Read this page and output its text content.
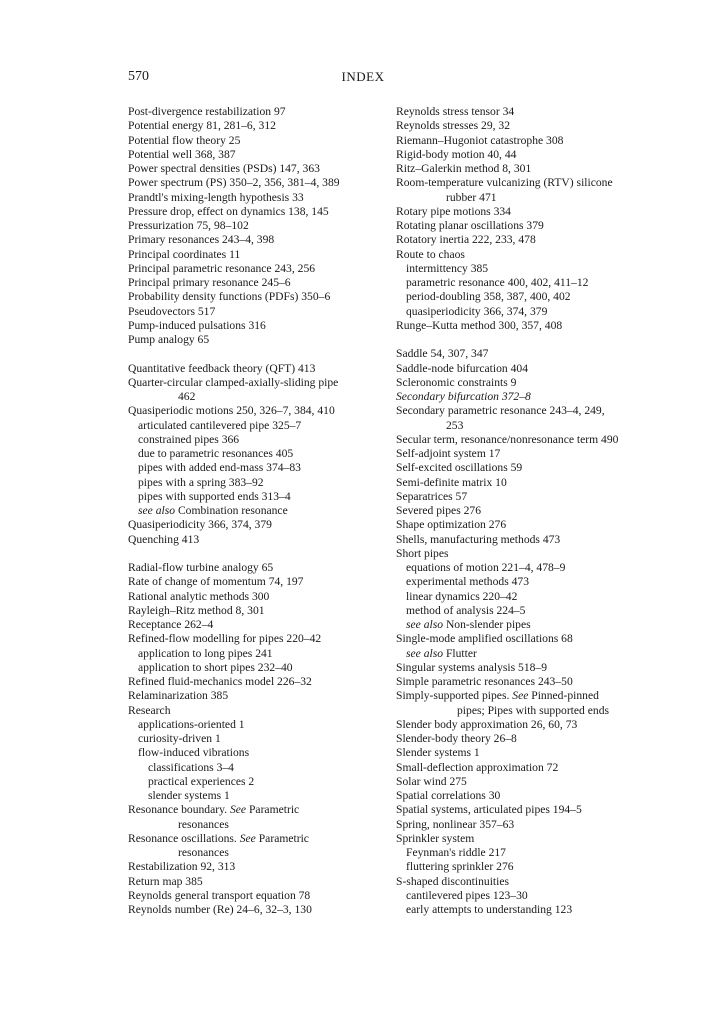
570	INDEX
Post-divergence restabilization 97
Potential energy 81, 281–6, 312
Potential flow theory 25
Potential well 368, 387
Power spectral densities (PSDs) 147, 363
Power spectrum (PS) 350–2, 356, 381–4, 389
Prandtl's mixing-length hypothesis 33
Pressure drop, effect on dynamics 138, 145
Pressurization 75, 98–102
Primary resonances 243–4, 398
Principal coordinates 11
Principal parametric resonance 243, 256
Principal primary resonance 245–6
Probability density functions (PDFs) 350–6
Pseudovectors 517
Pump-induced pulsations 316
Pump analogy 65
Quantitative feedback theory (QFT) 413
Quarter-circular clamped-axially-sliding pipe
462
Quasiperiodic motions 250, 326–7, 384, 410
articulated cantilevered pipe 325–7
constrained pipes 366
due to parametric resonances 405
pipes with added end-mass 374–83
pipes with a spring 383–92
pipes with supported ends 313–4
see also Combination resonance
Quasiperiodicity 366, 374, 379
Quenching 413
Radial-flow turbine analogy 65
Rate of change of momentum 74, 197
Rational analytic methods 300
Rayleigh–Ritz method 8, 301
Receptance 262–4
Refined-flow modelling for pipes 220–42
application to long pipes 241
application to short pipes 232–40
Refined fluid-mechanics model 226–32
Relaminarization 385
Research
applications-oriented 1
curiosity-driven 1
flow-induced vibrations
classifications 3–4
practical experiences 2
slender systems 1
Resonance boundary. See Parametric
resonances
Resonance oscillations. See Parametric
resonances
Restabilization 92, 313
Return map 385
Reynolds general transport equation 78
Reynolds number (Re) 24–6, 32–3, 130
Reynolds stress tensor 34
Reynolds stresses 29, 32
Riemann–Hugoniot catastrophe 308
Rigid-body motion 40, 44
Ritz–Galerkin method 8, 301
Room-temperature vulcanizing (RTV) silicone
rubber 471
Rotary pipe motions 334
Rotating planar oscillations 379
Rotatory inertia 222, 233, 478
Route to chaos
intermittency 385
parametric resonance 400, 402, 411–12
period-doubling 358, 387, 400, 402
quasiperiodicity 366, 374, 379
Runge–Kutta method 300, 357, 408
Saddle 54, 307, 347
Saddle-node bifurcation 404
Scleronomic constraints 9
Secondary bifurcation 372–8
Secondary parametric resonance 243–4, 249,
253
Secular term, resonance/nonresonance term 490
Self-adjoint system 17
Self-excited oscillations 59
Semi-definite matrix 10
Separatrices 57
Severed pipes 276
Shape optimization 276
Shells, manufacturing methods 473
Short pipes
equations of motion 221–4, 478–9
experimental methods 473
linear dynamics 220–42
method of analysis 224–5
see also Non-slender pipes
Single-mode amplified oscillations 68
see also Flutter
Singular systems analysis 518–9
Simple parametric resonances 243–50
Simply-supported pipes. See Pinned-pinned
pipes; Pipes with supported ends
Slender body approximation 26, 60, 73
Slender-body theory 26–8
Slender systems 1
Small-deflection approximation 72
Solar wind 275
Spatial correlations 30
Spatial systems, articulated pipes 194–5
Spring, nonlinear 357–63
Sprinkler system
Feynman's riddle 217
fluttering sprinkler 276
S-shaped discontinuities
cantilevered pipes 123–30
early attempts to understanding 123
